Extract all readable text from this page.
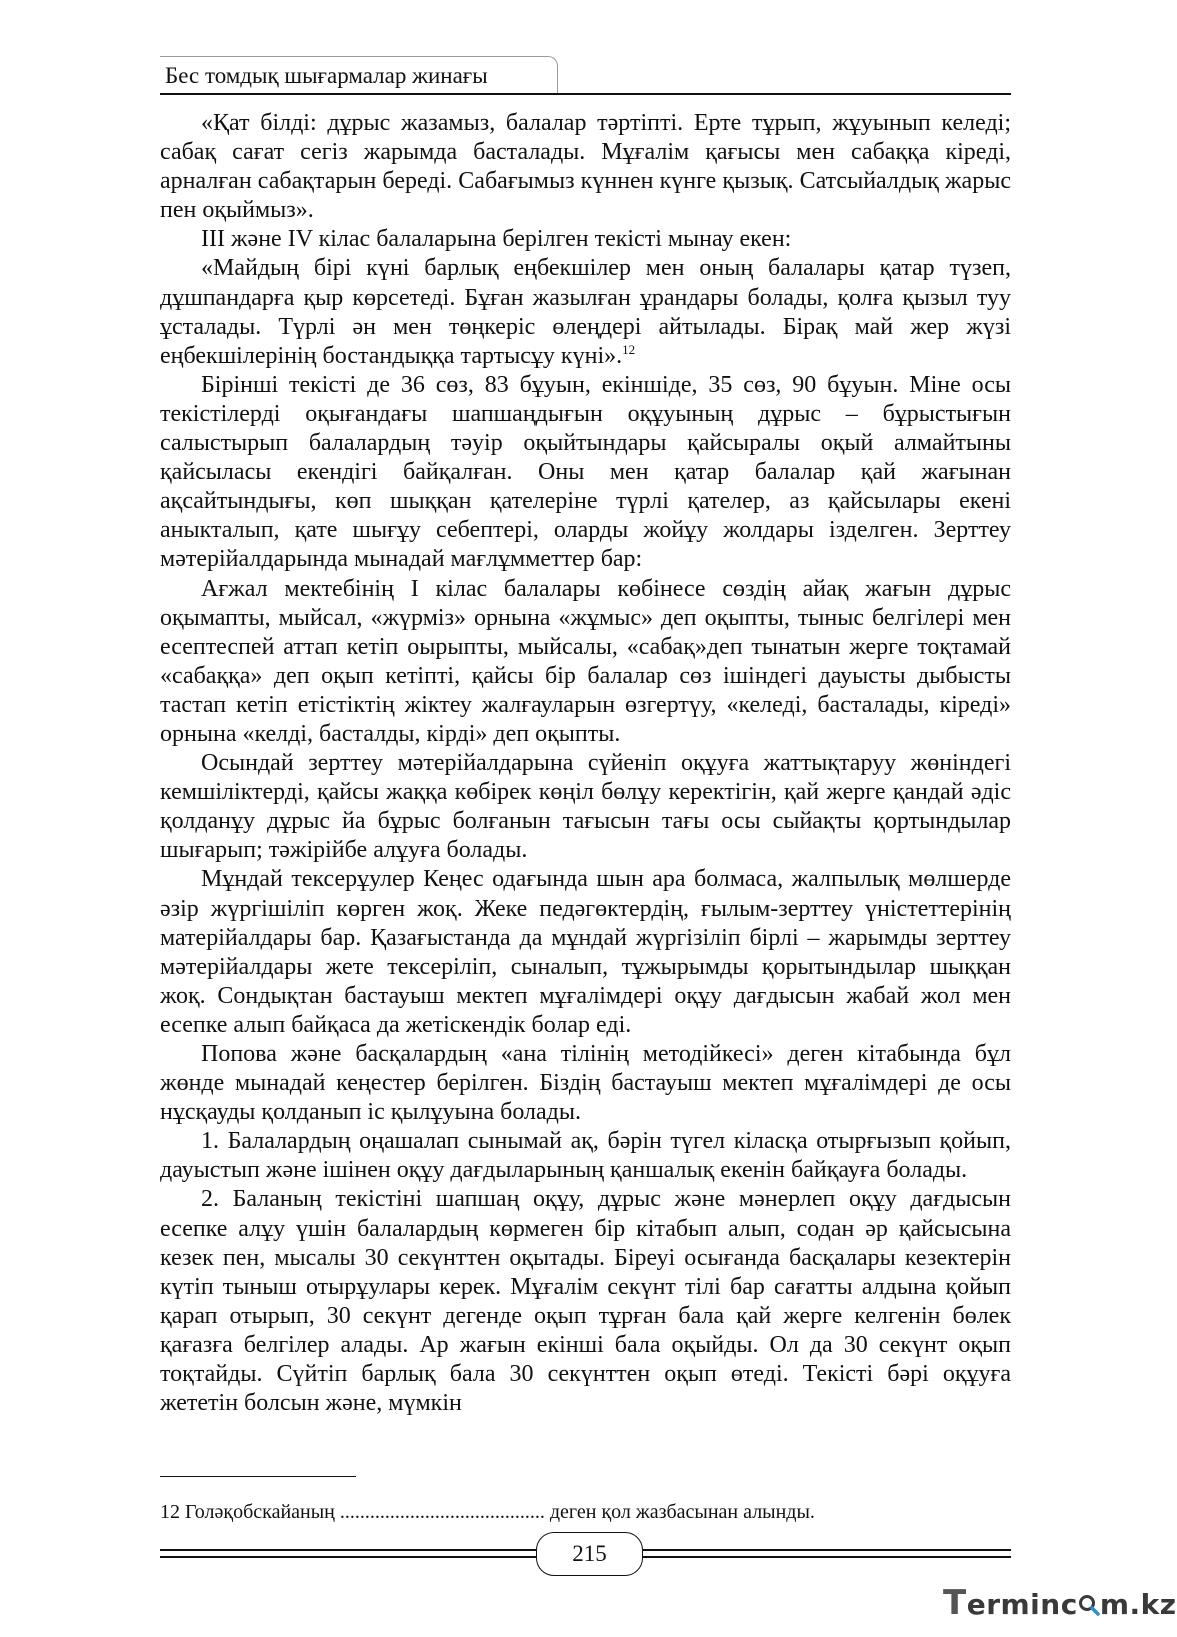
Бес томдық шығармалар жинағы

«Қат білді: дұрыс жазамыз, балалар тәртіпті. Ерте тұрып, жұуынып келеді; сабақ сағат сегіз жарымда басталады. Мұғалім қағысы мен сабаққа кіреді, арналған сабақтарын береді. Сабағымыз күннен күнге қызық. Сатсыйалдық жарыс пен оқыймыз».

ІІІ және ІV кілас балаларына берілген текісті мынау екен:

«Майдың бірі күні барлық еңбекшілер мен оның балалары қатар түзеп, дұшпандарға қыр көрсетеді. Бұған жазылған ұрандары болады, қолға қызыл туу ұсталады. Түрлі ән мен төңкеріс өлеңдері айтылады. Бірақ май жер жүзі еңбекшілерінің бостандыққа тартысұу күні».$^{12}$

Бірінші текісті де 36 сөз, 83 бұуын, екіншіде, 35 сөз, 90 бұуын. Міне осы текістілерді оқығандағы шапшаңдығын оқұуының дұрыс – бұрыстығын салыстырып балалардың тәуір оқыйтындары қайсыралы оқый алмайтыны қайсыласы екендігі байқалған. Оны мен қатар балалар қай жағынан ақсайтындығы, көп шыққан қателеріне түрлі қателер, аз қайсылары екені аныкталып, қате шығұу себептері, оларды жойұу жолдары ізделген. Зерттеу мәтерійалдарында мынадай мағлұмметтер бар:

Ағжал мектебінің І кілас балалары көбінесе сөздің айақ жағын дұрыс оқымапты, мыйсал, «жүрміз» орнына «жұмыс» деп оқыпты, тыныс белгілері мен есептеспей аттап кетіп оырыпты, мыйсалы, «сабақ»деп тынатын жерге тоқтамай «сабаққа» деп оқып кетіпті, қайсы бір балалар сөз ішіндегі дауысты дыбысты тастап кетіп етістіктің жіктеу жалғауларын өзгертүу, «келеді, басталады, кіреді» орнына «келді, басталды, кірді» деп оқыпты.

Осындай зерттеу мәтерійалдарына сүйеніп оқұуға жаттықтаруу жөніндегі кемшіліктерді, қайсы жаққа көбірек көңіл бөлұу керектігін, қай жерге қандай әдіс қолданұу дұрыс йа бұрыс болғанын тағысын тағы осы сыйақты қортындылар шығарып; тәжірійбе алұуға болады.

Мұндай тексерұулер Кеңес одағында шын ара болмаса, жалпылық мөлшерде әзір жүргішіліп көрген жоқ. Жеке педәгөктердің, ғылым-зерттеу үністеттерінің матерійалдары бар. Қазағыстанда да мұндай жүргізіліп бірлі – жарымды зерттеу мәтерійалдары жете тексеріліп, сыналып, тұжырымды қорытындылар шыққан жоқ. Сондықтан бастауыш мектеп мұғалімдері оқұу дағдысын жабай жол мен есепке алып байқаса да жетіскендік болар еді.

Попова және басқалардың «ана тілінің методійкесі» деген кітабында бұл жөнде мынадай кеңестер берілген. Біздің бастауыш мектеп мұғалімдері де осы нұсқауды қолданып іс қылұуына болады.

1. Балалардың оңашалап сынымай ақ, бәрін түгел кіласқа отырғызып қойып, дауыстып және ішінен оқұу дағдыларының қаншалық екенін байқауға болады.

2. Баланың текістіні шапшаң оқұу, дұрыс және мәнерлеп оқұу дағдысын есепке алұу үшін балалардың көрмеген бір кітабып алып, содан әр қайсысына кезек пен, мысалы 30 секүнттен оқытады. Біреуі осығанда басқалары кезектерін күтіп тыныш отырұулары керек. Мұғалім секүнт тілі бар сағатты алдына қойып қарап отырып, 30 секүнт дегенде оқып тұрған бала қай жерге келгенін бөлек қағазға белгілер алады. Ар жағын екінші бала оқыйды. Ол да 30 секүнт оқып тоқтайды. Сүйтіп барлық бала 30 секүнттен оқып өтеді. Текісті бәрі оқұуға жететін болсын және, мүмкін

12 Голәқобскайаның ......................................... деген қол жазбасынан алынды.
215
Terminc m.kz
